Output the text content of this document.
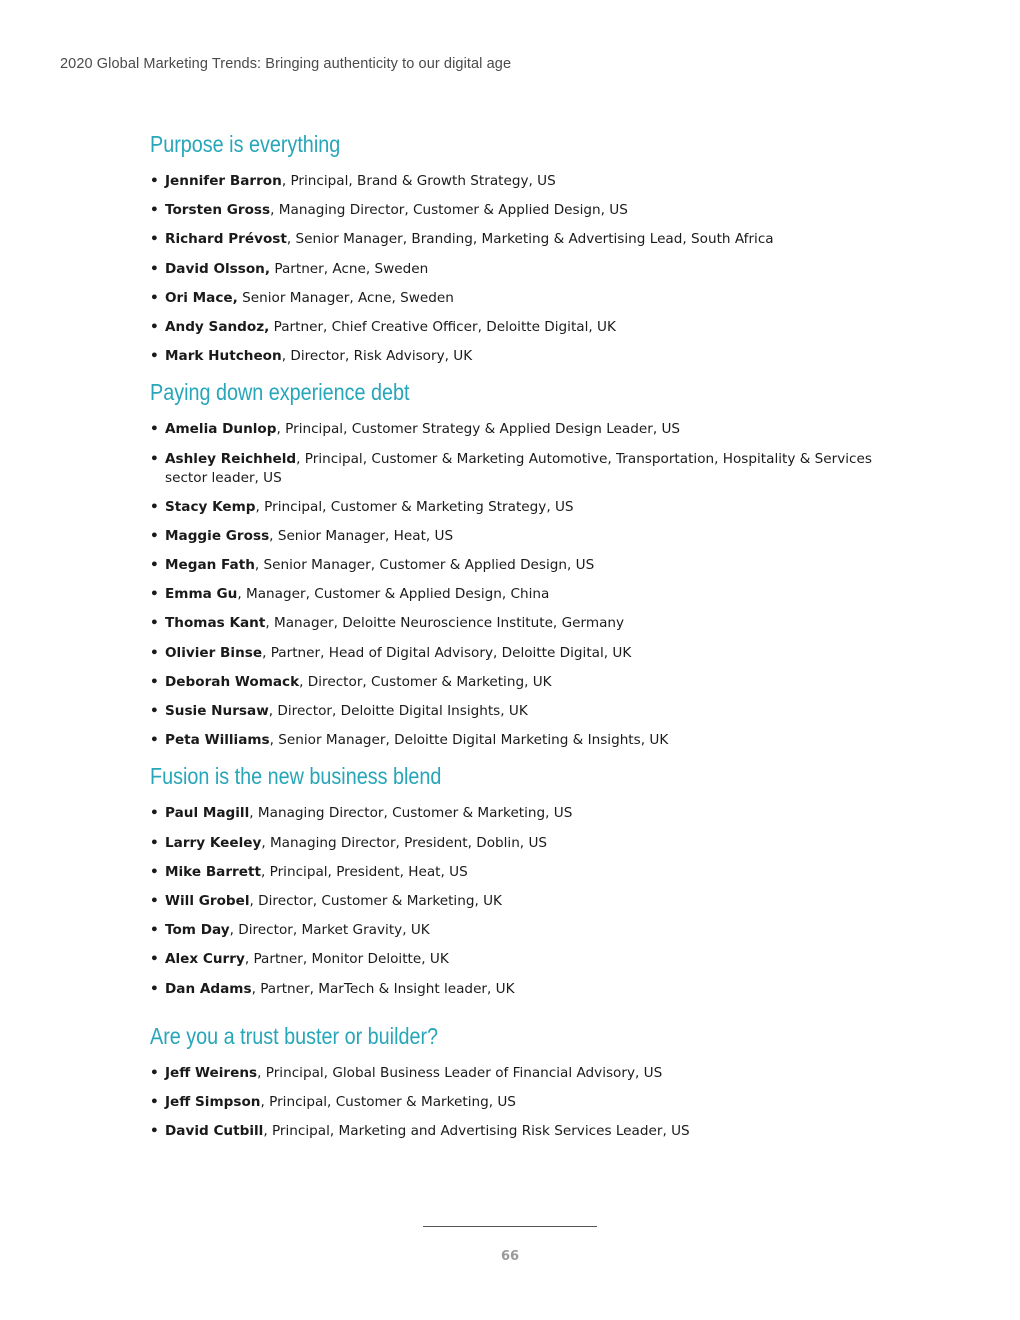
2020 Global Marketing Trends: Bringing authenticity to our digital age
Purpose is everything
• Jennifer Barron, Principal, Brand & Growth Strategy, US
• Torsten Gross, Managing Director, Customer & Applied Design, US
• Richard Prévost, Senior Manager, Branding, Marketing & Advertising Lead, South Africa
• David Olsson, Partner, Acne, Sweden
• Ori Mace, Senior Manager, Acne, Sweden
• Andy Sandoz, Partner, Chief Creative Officer, Deloitte Digital, UK
• Mark Hutcheon, Director, Risk Advisory, UK
Paying down experience debt
• Amelia Dunlop, Principal, Customer Strategy & Applied Design Leader, US
• Ashley Reichheld, Principal, Customer & Marketing Automotive, Transportation, Hospitality & Services sector leader, US
• Stacy Kemp, Principal, Customer & Marketing Strategy, US
• Maggie Gross, Senior Manager, Heat, US
• Megan Fath, Senior Manager, Customer & Applied Design, US
• Emma Gu, Manager, Customer & Applied Design, China
• Thomas Kant, Manager, Deloitte Neuroscience Institute, Germany
• Olivier Binse, Partner, Head of Digital Advisory, Deloitte Digital, UK
• Deborah Womack, Director, Customer & Marketing, UK
• Susie Nursaw, Director, Deloitte Digital Insights, UK
• Peta Williams, Senior Manager, Deloitte Digital Marketing & Insights, UK
Fusion is the new business blend
• Paul Magill, Managing Director, Customer & Marketing, US
• Larry Keeley, Managing Director, President, Doblin, US
• Mike Barrett, Principal, President, Heat, US
• Will Grobel, Director, Customer & Marketing, UK
• Tom Day, Director, Market Gravity, UK
• Alex Curry, Partner, Monitor Deloitte, UK
• Dan Adams, Partner, MarTech & Insight leader, UK
Are you a trust buster or builder?
• Jeff Weirens, Principal, Global Business Leader of Financial Advisory, US
• Jeff Simpson, Principal, Customer & Marketing, US
• David Cutbill, Principal, Marketing and Advertising Risk Services Leader, US
66
